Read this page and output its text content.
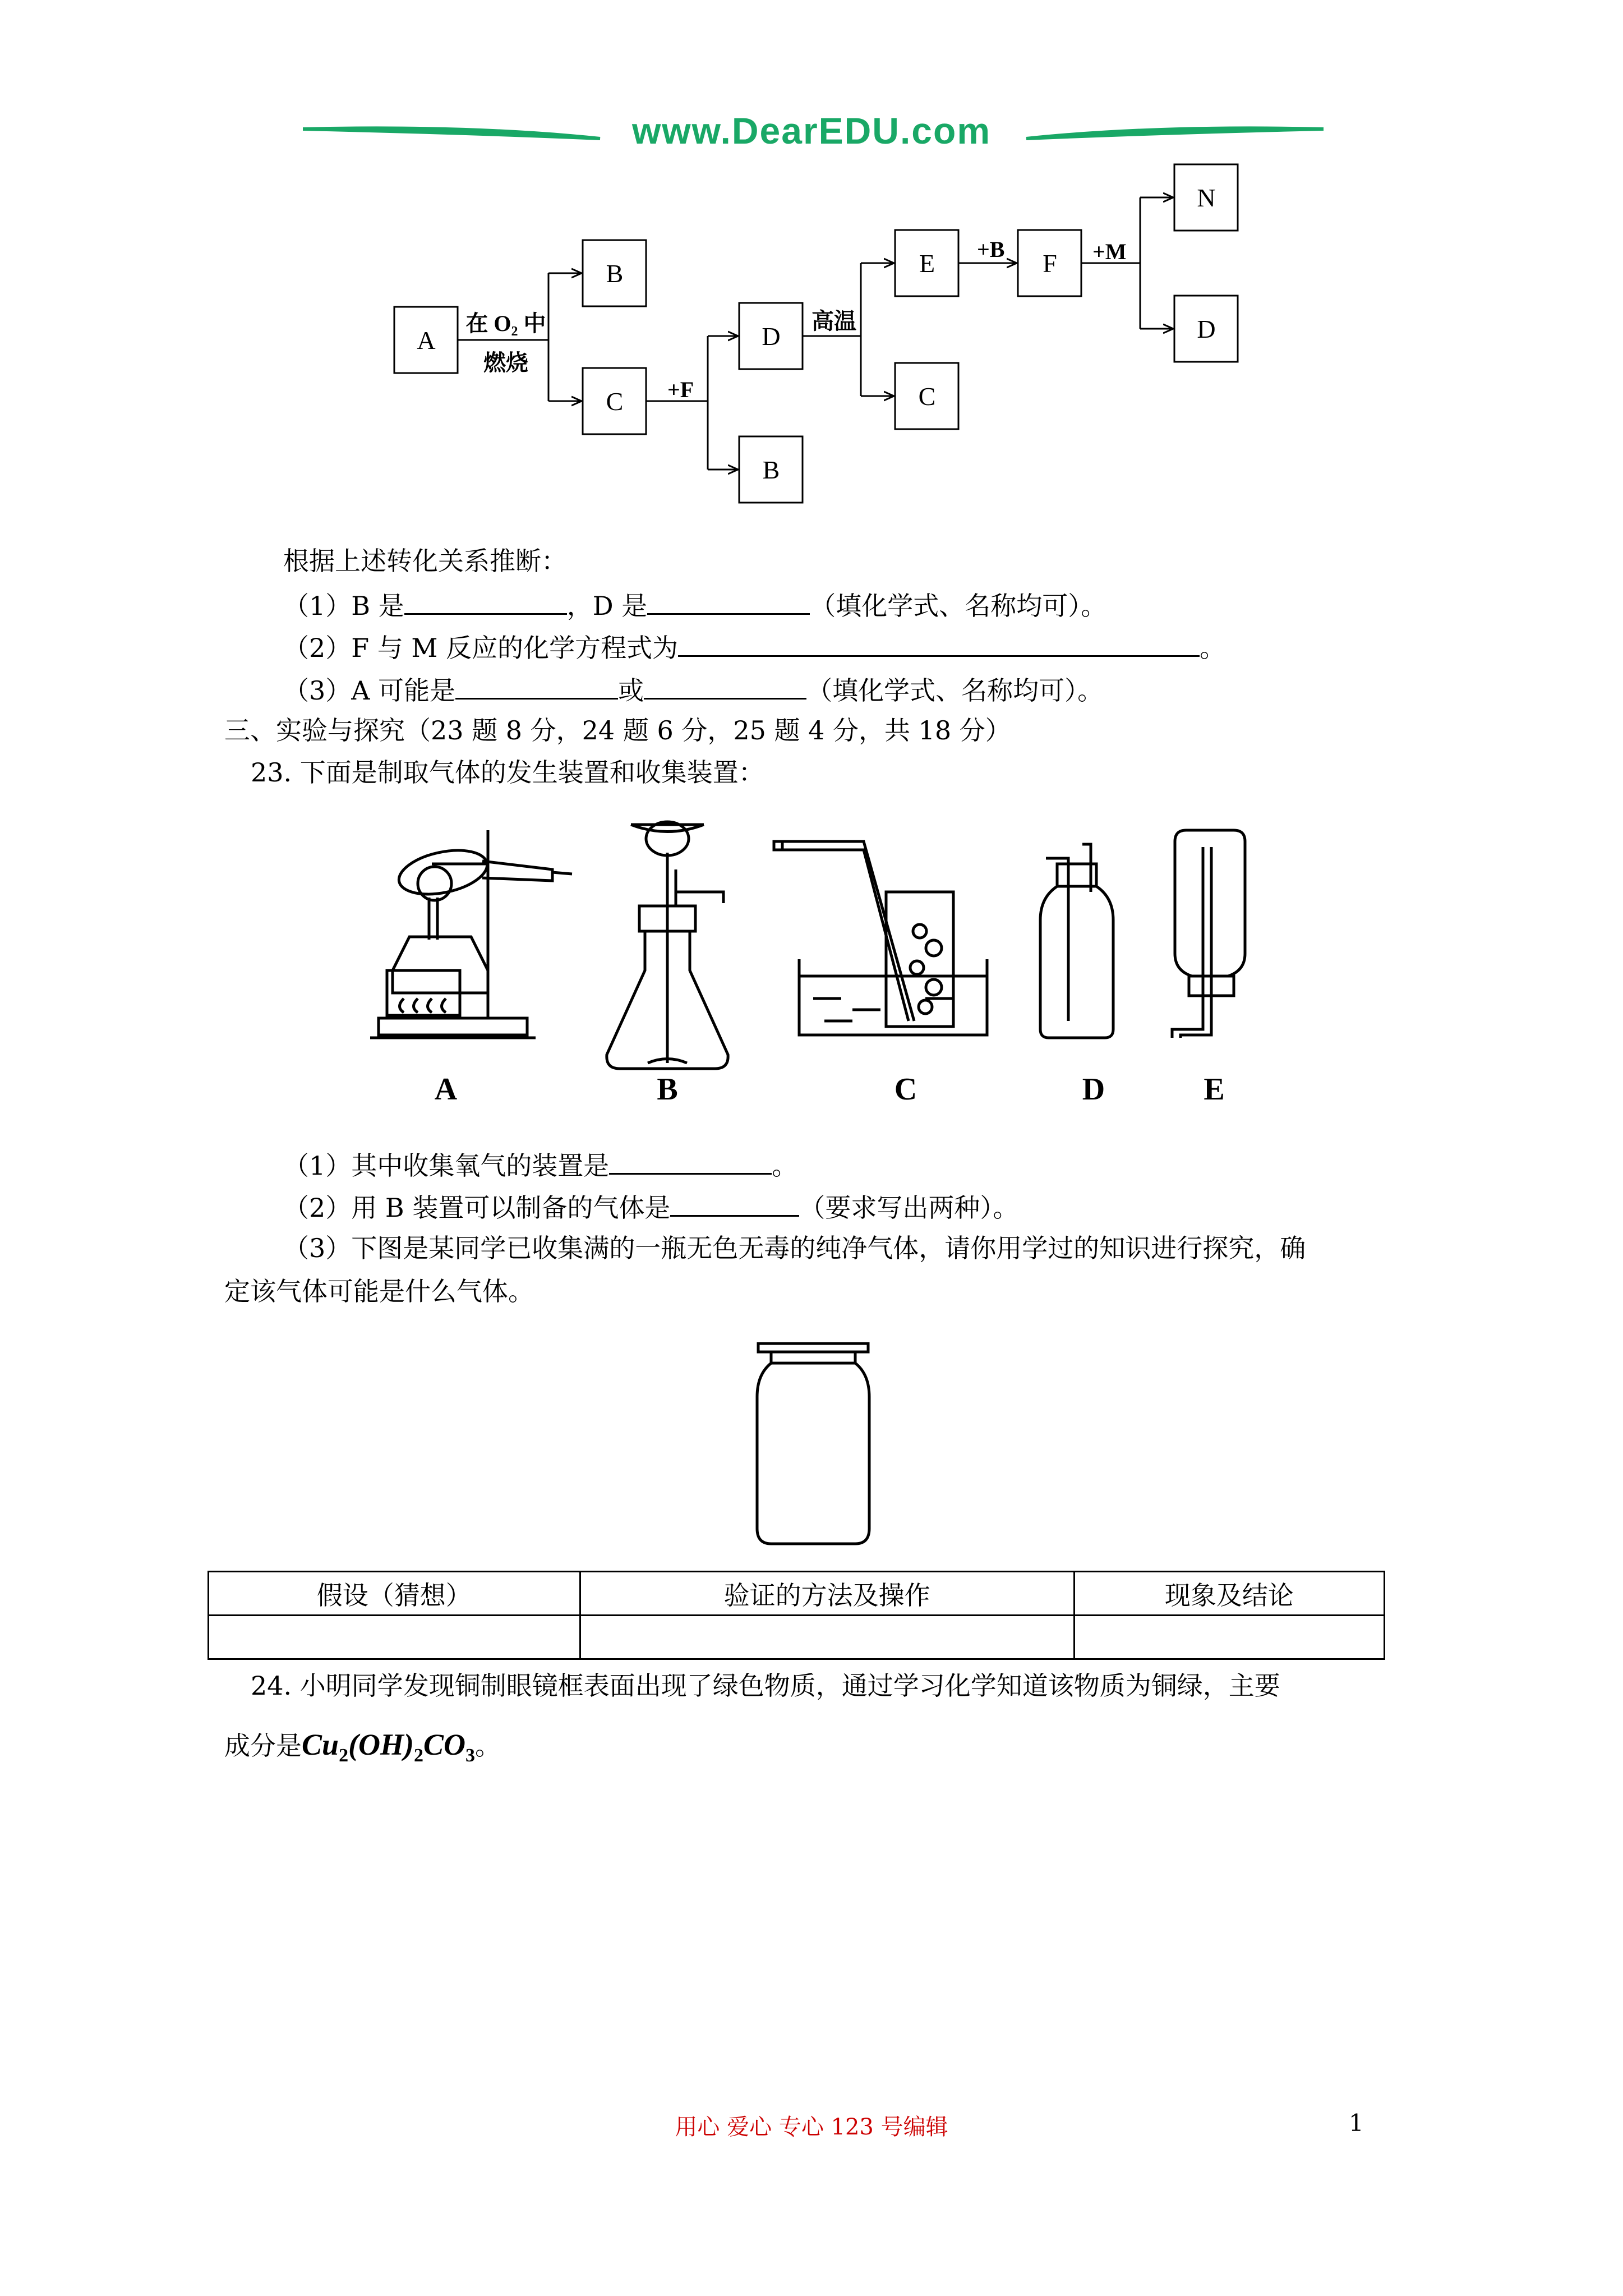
www.DearEDU.com
A
B
C
B
D
E
C
F
N
D
在 O₂ 中
燃烧
+F
高温
+B	+M
根据上述转化关系推断：
（1）B 是	，D 是	（填化学式、名称均可）。
（2）F 与 M 反应的化学方程式为	。
（3）A 可能是	或	（填化学式、名称均可）。
三、实验与探究（23 题 8 分，24 题 6 分，25 题 4 分，共 18 分）
23. 下面是制取气体的发生装置和收集装置：
A	B	C	D	E
（1）其中收集氧气的装置是	。
（2）用 B 装置可以制备的气体是	（要求写出两种）。
（3）下图是某同学已收集满的一瓶无色无毒的纯净气体，请你用学过的知识进行探究，确
定该气体可能是什么气体。
假设（猜想）	验证的方法及操作	现象及结论

24. 小明同学发现铜制眼镜框表面出现了绿色物质，通过学习化学知道该物质为铜绿，主要
成分是$Cu_2(OH)_2CO_3$。
用心 爱心 专心 123 号编辑	1
